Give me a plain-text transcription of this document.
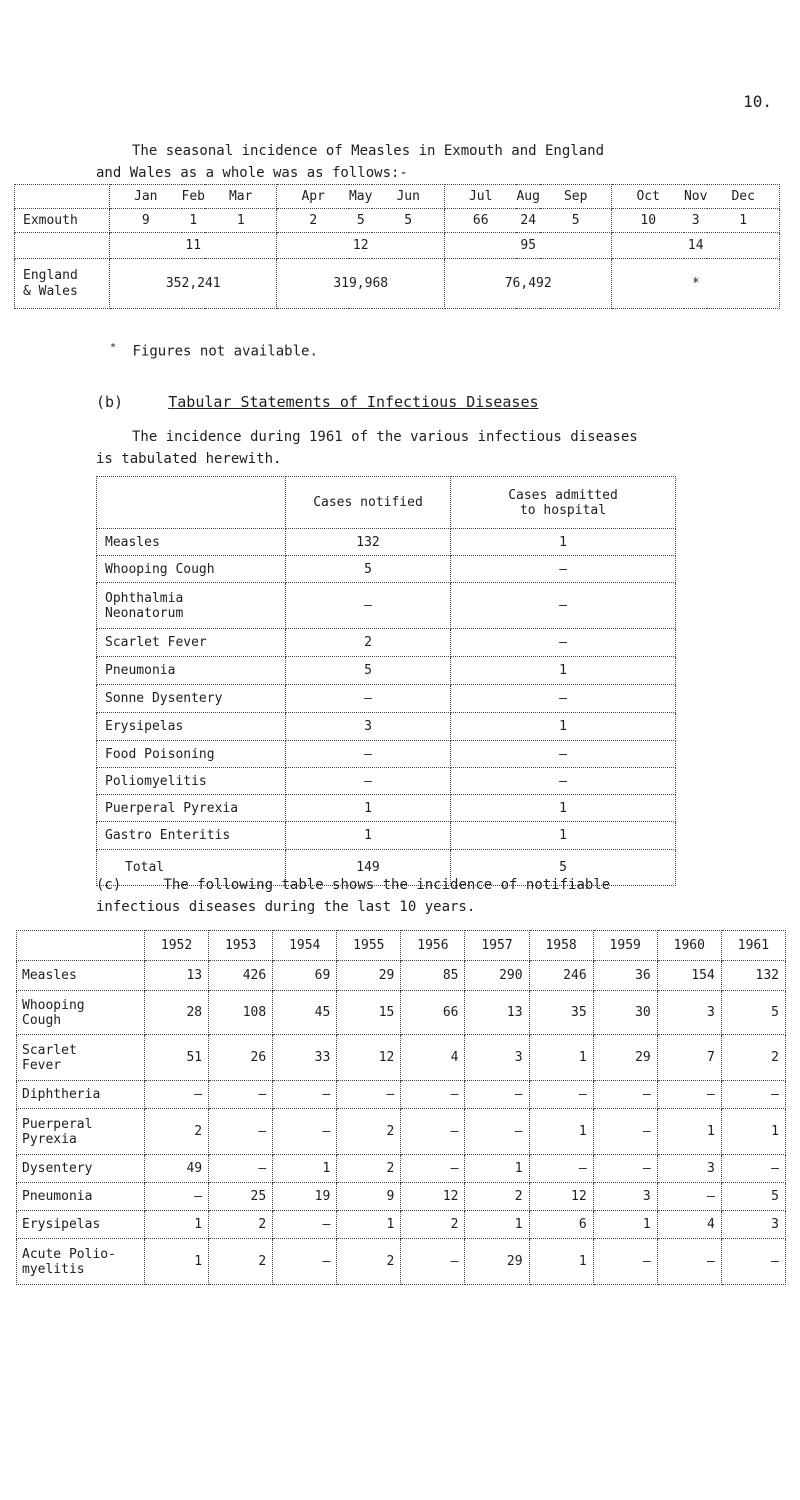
10.
The seasonal incidence of Measles in Exmouth and England
and Wales as a whole was as follows:-
	Jan	Feb	Mar	Apr	May	Jun	Jul	Aug	Sep	Oct	Nov	Dec
Exmouth	9	1	1	2	5	5	66	24	5	10	3	1
	11			12			95			14		

England
& Wales	352,241			319,968			76,492			*		
* Figures not available.
(b)	Tabular Statements of Infectious Diseases
The incidence during 1961 of the various infectious diseases
is tabulated herewith.
	Cases notified	Cases admitted
to hospital

Measles	132	1
Whooping Cough	5	–

Ophthalmia
Neonatorum	–	–
Scarlet Fever	2	–
Pneumonia	5	1
Sonne Dysentery	–	–
Erysipelas	3	1
Food Poisoning	–	–
Poliomyelitis	–	–
Puerperal Pyrexia	1	1
Gastro Enteritis	1	1
Total	149	5
(c)	The following table shows the incidence of notifiable
infectious diseases during the last 10 years.
	1952	1953	1954	1955	1956	1957	1958	1959	1960	1961
Measles	13	426	69	29	85	290	246	36	154	132

Whooping
Cough	28	108	45	15	66	13	35	30	3	5

Scarlet
Fever	51	26	33	12	4	3	1	29	7	2
Diphtheria	–	–	–	–	–	–	–	–	–	–

Puerperal
Pyrexia	2	–	–	2	–	–	1	–	1	1
Dysentery	49	–	1	2	–	1	–	–	3	–
Pneumonia	–	25	19	9	12	2	12	3	–	5
Erysipelas	1	2	–	1	2	1	6	1	4	3

Acute Polio-
myelitis	1	2	–	2	–	29	1	–	–	–
